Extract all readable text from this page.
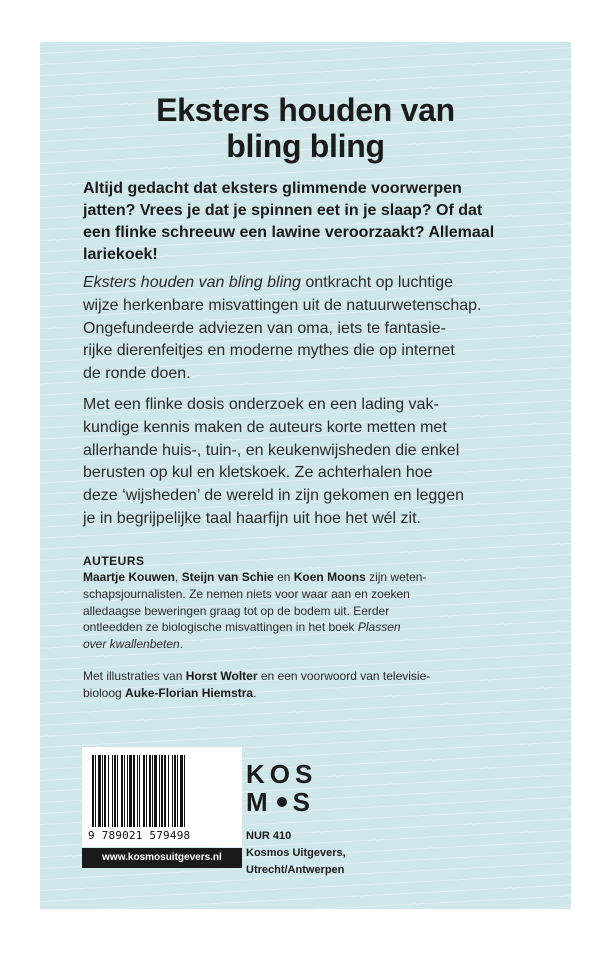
Eksters houden van
bling bling

Altijd gedacht dat eksters glimmende voorwerpen
jatten? Vrees je dat je spinnen eet in je slaap? Of dat
een flinke schreeuw een lawine veroorzaakt? Allemaal
lariekoek!

Eksters houden van bling bling ontkracht op luchtige
wijze herkenbare misvattingen uit de natuurwetenschap.
Ongefundeerde adviezen van oma, iets te fantasie-
rijke dierenfeitjes en moderne mythes die op internet
de ronde doen.

Met een flinke dosis onderzoek en een lading vak-
kundige kennis maken de auteurs korte metten met
allerhande huis-, tuin-, en keukenwijsheden die enkel
berusten op kul en kletskoek. Ze achterhalen hoe
deze ‘wijsheden’ de wereld in zijn gekomen en leggen
je in begrijpelijke taal haarfijn uit hoe het wél zit.

AUTEURS

Maartje Kouwen, Steijn van Schie en Koen Moons zijn weten-
schapsjournalisten. Ze nemen niets voor waar aan en zoeken
alledaagse beweringen graag tot op de bodem uit. Eerder
ontleedden ze biologische misvattingen in het boek Plassen
over kwallenbeten.

Met illustraties van Horst Wolter en een voorwoord van televisie-
bioloog Auke-Florian Hiemstra.

9 789021 579498
www.kosmosuitgevers.nl
KOS
M S

NUR 410
Kosmos Uitgevers,
Utrecht/Antwerpen
